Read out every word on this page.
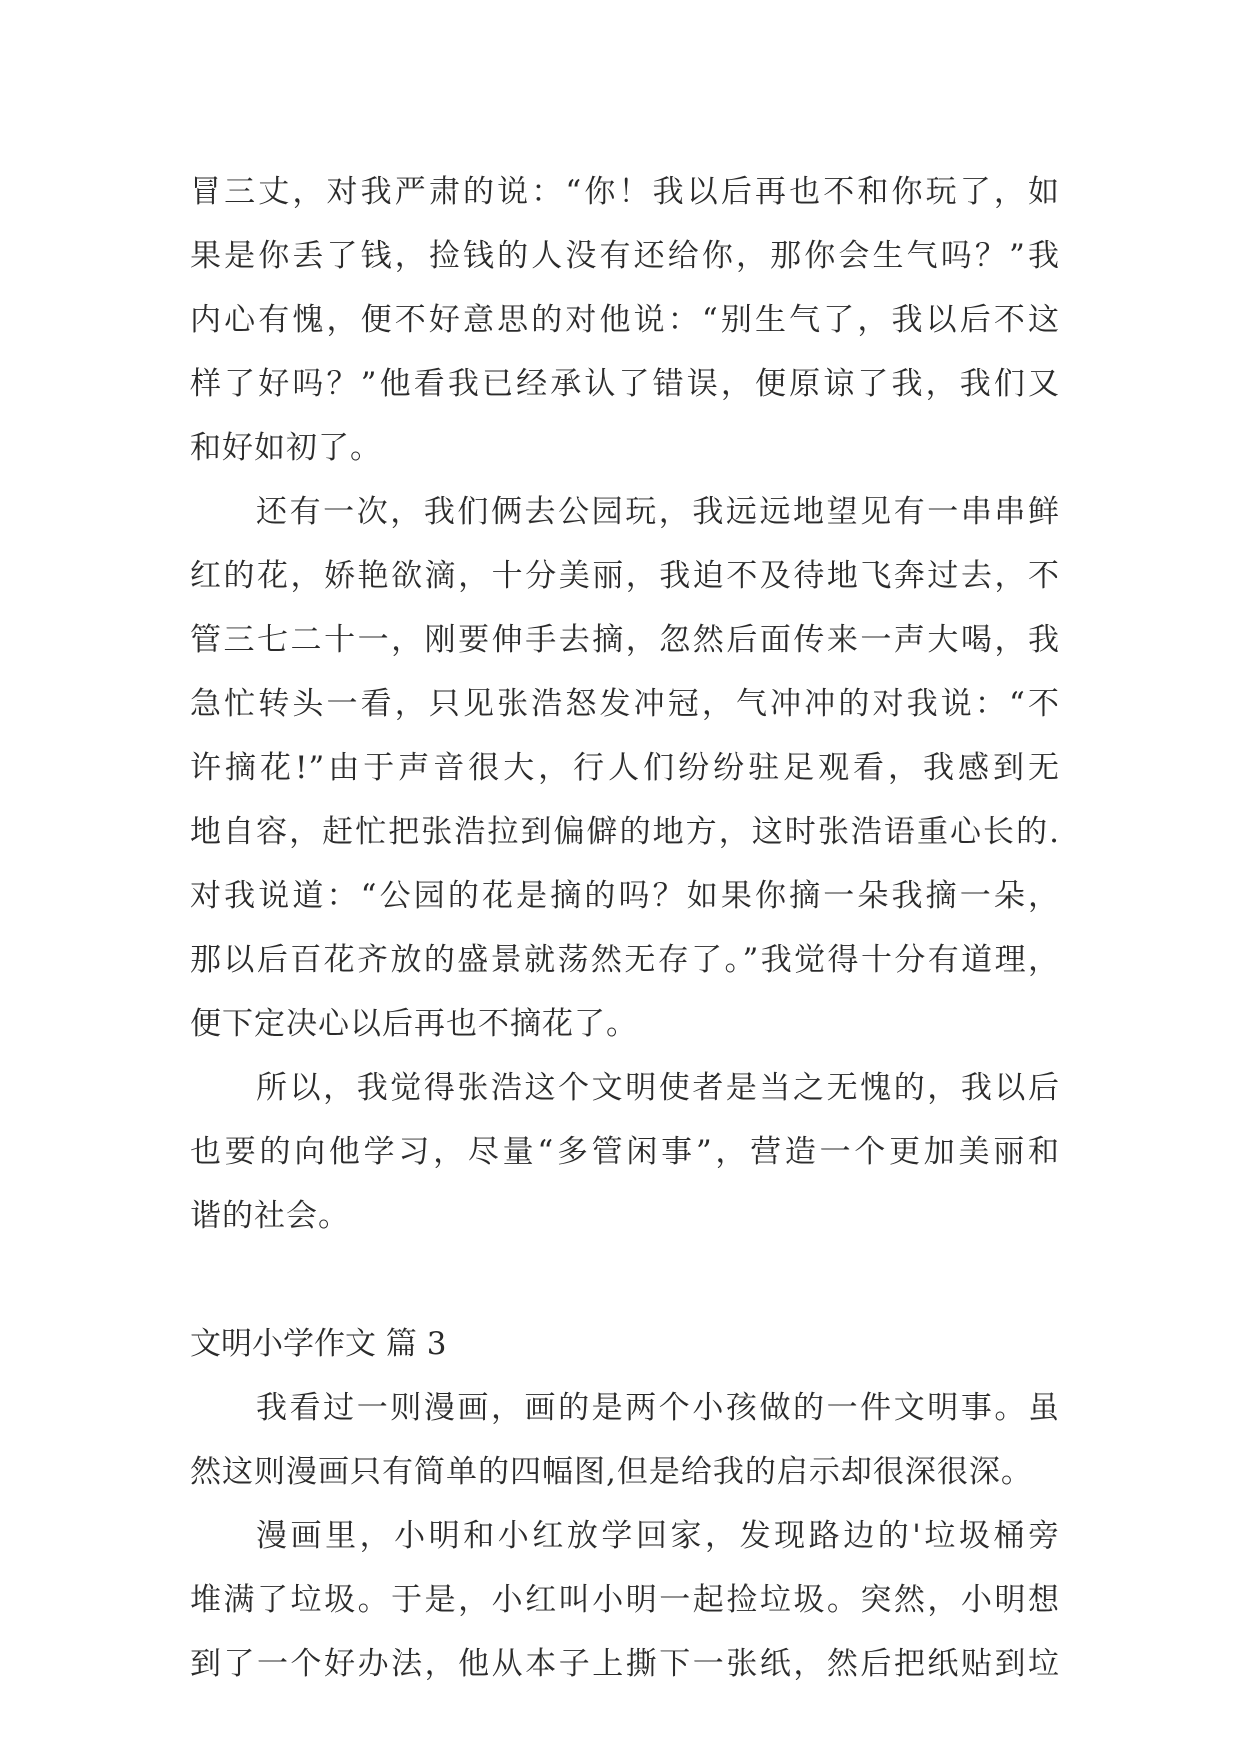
冒三丈，对我严肃的说：“你！我以后再也不和你玩了，如
果是你丢了钱，捡钱的人没有还给你，那你会生气吗？”我
内心有愧，便不好意思的对他说：“别生气了，我以后不这
样了好吗？”他看我已经承认了错误，便原谅了我，我们又
和好如初了。
还有一次，我们俩去公园玩，我远远地望见有一串串鲜
红的花，娇艳欲滴，十分美丽，我迫不及待地飞奔过去，不
管三七二十一，刚要伸手去摘，忽然后面传来一声大喝，我
急忙转头一看，只见张浩怒发冲冠，气冲冲的对我说：“不
许摘花!”由于声音很大，行人们纷纷驻足观看，我感到无
地自容，赶忙把张浩拉到偏僻的地方，这时张浩语重心长的.
对我说道：“公园的花是摘的吗？如果你摘一朵我摘一朵，
那以后百花齐放的盛景就荡然无存了。”我觉得十分有道理，
便下定决心以后再也不摘花了。
所以，我觉得张浩这个文明使者是当之无愧的，我以后
也要的向他学习，尽量“多管闲事”，营造一个更加美丽和
谐的社会。
文明小学作文 篇 3
我看过一则漫画，画的是两个小孩做的一件文明事。虽
然这则漫画只有简单的四幅图,但是给我的启示却很深很深。
漫画里，小明和小红放学回家，发现路边的'垃圾桶旁
堆满了垃圾。于是，小红叫小明一起捡垃圾。突然，小明想
到了一个好办法，他从本子上撕下一张纸，然后把纸贴到垃
